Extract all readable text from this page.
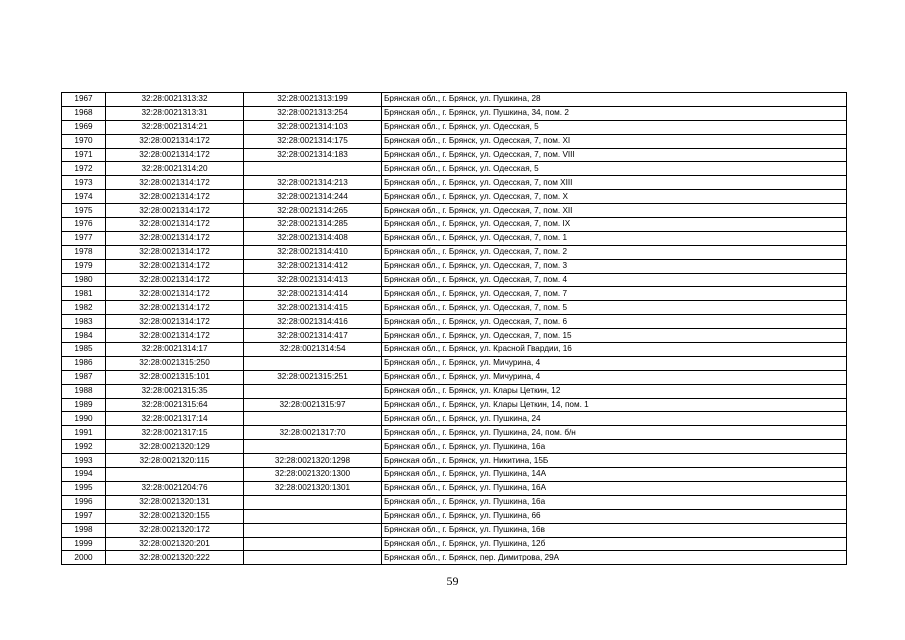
1967	32:28:0021313:32	32:28:0021313:199	Брянская обл., г. Брянск, ул. Пушкина, 28
1968	32:28:0021313:31	32:28:0021313:254	Брянская обл., г. Брянск, ул. Пушкина, 34, пом. 2
1969	32:28:0021314:21	32:28:0021314:103	Брянская обл., г. Брянск, ул. Одесская, 5
1970	32:28:0021314:172	32:28:0021314:175	Брянская обл., г. Брянск, ул. Одесская, 7, пом. XI
1971	32:28:0021314:172	32:28:0021314:183	Брянская обл., г. Брянск, ул. Одесская, 7, пом. VIII
1972	32:28:0021314:20		Брянская обл., г. Брянск, ул. Одесская, 5
1973	32:28:0021314:172	32:28:0021314:213	Брянская обл., г. Брянск, ул. Одесская, 7, пом XIII
1974	32:28:0021314:172	32:28:0021314:244	Брянская обл., г. Брянск, ул. Одесская, 7, пом. X
1975	32:28:0021314:172	32:28:0021314:265	Брянская обл., г. Брянск, ул. Одесская, 7, пом. XII
1976	32:28:0021314:172	32:28:0021314:285	Брянская обл., г. Брянск, ул. Одесская, 7, пом. IX
1977	32:28:0021314:172	32:28:0021314:408	Брянская обл., г. Брянск, ул. Одесская, 7, пом. 1
1978	32:28:0021314:172	32:28:0021314:410	Брянская обл., г. Брянск, ул. Одесская, 7, пом. 2
1979	32:28:0021314:172	32:28:0021314:412	Брянская обл., г. Брянск, ул. Одесская, 7, пом. 3
1980	32:28:0021314:172	32:28:0021314:413	Брянская обл., г. Брянск, ул. Одесская, 7, пом. 4
1981	32:28:0021314:172	32:28:0021314:414	Брянская обл., г. Брянск, ул. Одесская, 7, пом. 7
1982	32:28:0021314:172	32:28:0021314:415	Брянская обл., г. Брянск, ул. Одесская, 7, пом. 5
1983	32:28:0021314:172	32:28:0021314:416	Брянская обл., г. Брянск, ул. Одесская, 7, пом. 6
1984	32:28:0021314:172	32:28:0021314:417	Брянская обл., г. Брянск, ул. Одесская, 7, пом. 15
1985	32:28:0021314:17	32:28:0021314:54	Брянская обл., г. Брянск, ул. Красной Гвардии, 16
1986	32:28:0021315:250		Брянская обл., г. Брянск, ул. Мичурина, 4
1987	32:28:0021315:101	32:28:0021315:251	Брянская обл., г. Брянск, ул. Мичурина, 4
1988	32:28:0021315:35		Брянская обл., г. Брянск, ул. Клары Цеткин, 12
1989	32:28:0021315:64	32:28:0021315:97	Брянская обл., г. Брянск, ул. Клары Цеткин, 14, пом. 1
1990	32:28:0021317:14		Брянская обл., г. Брянск, ул. Пушкина, 24
1991	32:28:0021317:15	32:28:0021317:70	Брянская обл., г. Брянск, ул. Пушкина, 24, пом. б/н
1992	32:28:0021320:129		Брянская обл., г. Брянск, ул. Пушкина, 16а
1993	32:28:0021320:115	32:28:0021320:1298	Брянская обл., г. Брянск, ул. Никитина, 15Б
1994		32:28:0021320:1300	Брянская обл., г. Брянск, ул. Пушкина, 14А
1995	32:28:0021204:76	32:28:0021320:1301	Брянская обл., г. Брянск, ул. Пушкина, 16А
1996	32:28:0021320:131		Брянская обл., г. Брянск, ул. Пушкина, 16а
1997	32:28:0021320:155		Брянская обл., г. Брянск, ул. Пушкина, 66
1998	32:28:0021320:172		Брянская обл., г. Брянск, ул. Пушкина, 16в
1999	32:28:0021320:201		Брянская обл., г. Брянск, ул. Пушкина, 12б
2000	32:28:0021320:222		Брянская обл., г. Брянск, пер. Димитрова, 29А
59
